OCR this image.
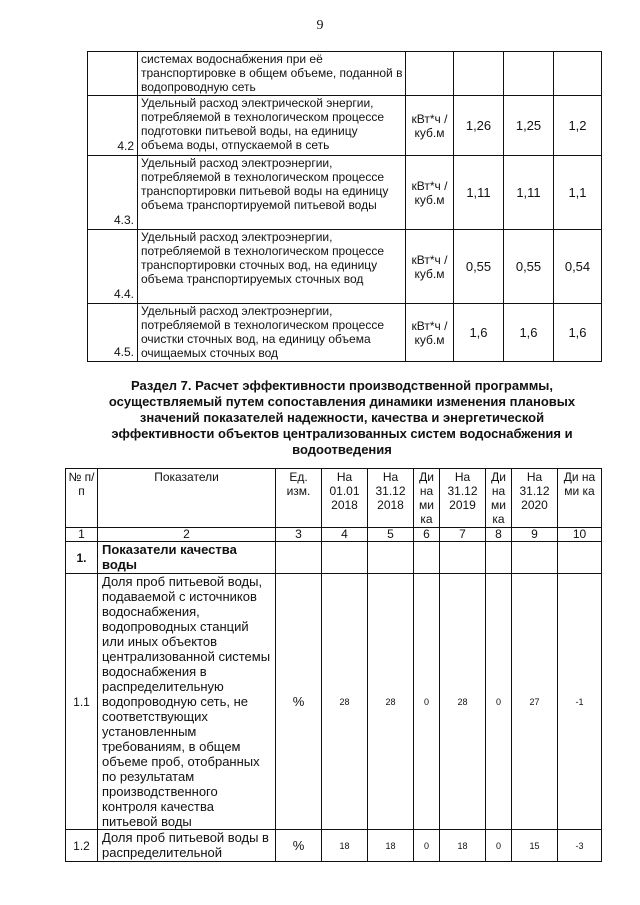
9
	системах водоснабжения при её транспортировке в общем объеме, поданной в водопроводную сеть				
4.2	Удельный расход электрической энергии, потребляемой в технологическом процессе подготовки питьевой воды, на единицу объема воды, отпускаемой в сеть	кВт*ч / куб.м	1,26	1,25	1,2
4.3.	Удельный расход электроэнергии, потребляемой в технологическом процессе транспортировки питьевой воды на единицу объема транспортируемой питьевой воды	кВт*ч / куб.м	1,11	1,11	1,1
4.4.	Удельный расход электроэнергии, потребляемой в технологическом процессе транспортировки сточных вод, на единицу объема транспортируемых сточных вод	кВт*ч / куб.м	0,55	0,55	0,54
4.5.	Удельный расход электроэнергии, потребляемой в технологическом процессе очистки сточных вод, на единицу объема очищаемых сточных вод	кВт*ч / куб.м	1,6	1,6	1,6
Раздел 7. Расчет эффективности производственной программы, осуществляемый путем сопоставления динамики изменения плановых значений показателей надежности, качества и энергетической эффективности объектов централизованных систем водоснабжения и водоотведения
№ п/п	Показатели	Ед. изм.	На 01.01 2018	На 31.12 2018	Ди на ми ка	На 31.12 2019	Ди на ми ка	На 31.12 2020	Ди на ми ка
1	2	3	4	5	6	7	8	9	10
1.	Показатели качества воды								
1.1	Доля проб питьевой воды, подаваемой с источников водоснабжения, водопроводных станций или иных объектов централизованной системы водоснабжения в распределительную водопроводную сеть, не соответствующих установленным требованиям, в общем объеме проб, отобранных по результатам производственного контроля качества питьевой воды	%	28	28	0	28	0	27	-1
1.2	Доля проб питьевой воды в распределительной	%	18	18	0	18	0	15	-3
